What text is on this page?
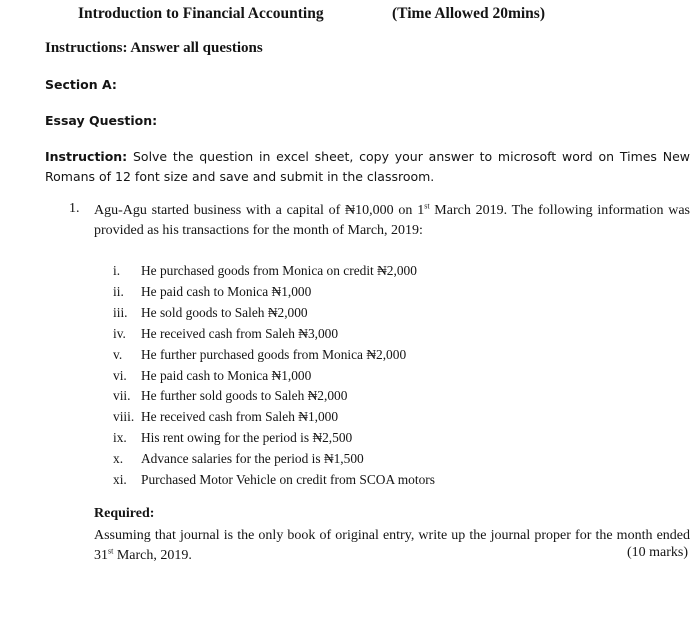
Introduction to Financial Accounting	(Time Allowed 20mins)
Instructions: Answer all questions
Section A:
Essay Question:
Instruction: Solve the question in excel sheet, copy your answer to microsoft word on Times New Romans of 12 font size and save and submit in the classroom.
1. Agu-Agu started business with a capital of ₦10,000 on 1st March 2019. The following information was provided as his transactions for the month of March, 2019:
i. He purchased goods from Monica on credit ₦2,000
ii. He paid cash to Monica ₦1,000
iii. He sold goods to Saleh ₦2,000
iv. He received cash from Saleh ₦3,000
v. He further purchased goods from Monica ₦2,000
vi. He paid cash to Monica ₦1,000
vii. He further sold goods to Saleh ₦2,000
viii. He received cash from Saleh ₦1,000
ix. His rent owing for the period is ₦2,500
x. Advance salaries for the period is ₦1,500
xi. Purchased Motor Vehicle on credit from SCOA motors
Required:
Assuming that journal is the only book of original entry, write up the journal proper for the month ended 31st March, 2019.	(10 marks)
